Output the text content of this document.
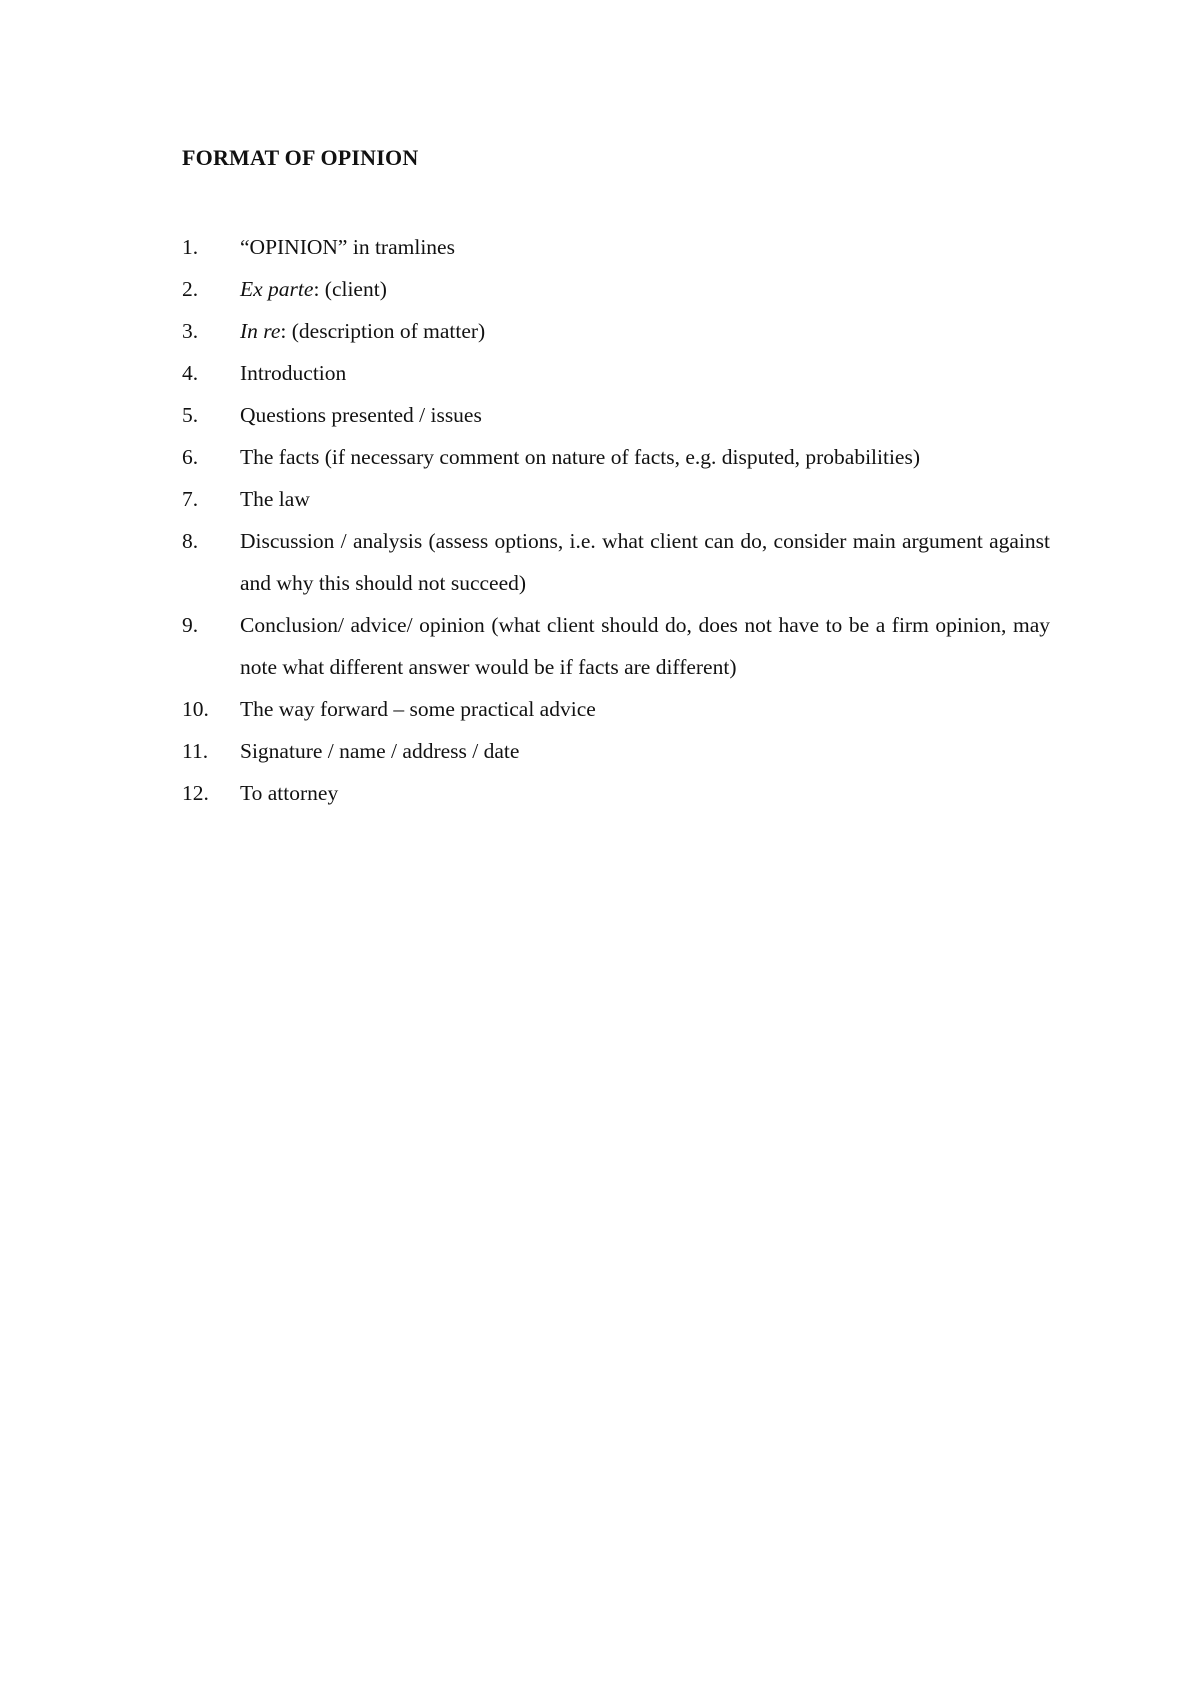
FORMAT OF OPINION
1.	“OPINION” in tramlines
2.	Ex parte: (client)
3.	In re: (description of matter)
4.	Introduction
5.	Questions presented / issues
6.	The facts (if necessary comment on nature of facts, e.g. disputed, probabilities)
7.	The law
8.	Discussion / analysis (assess options, i.e. what client can do, consider main argument against and why this should not succeed)
9.	Conclusion/ advice/ opinion (what client should do, does not have to be a firm opinion, may note what different answer would be if facts are different)
10.	The way forward – some practical advice
11.	Signature / name / address / date
12.	To attorney
